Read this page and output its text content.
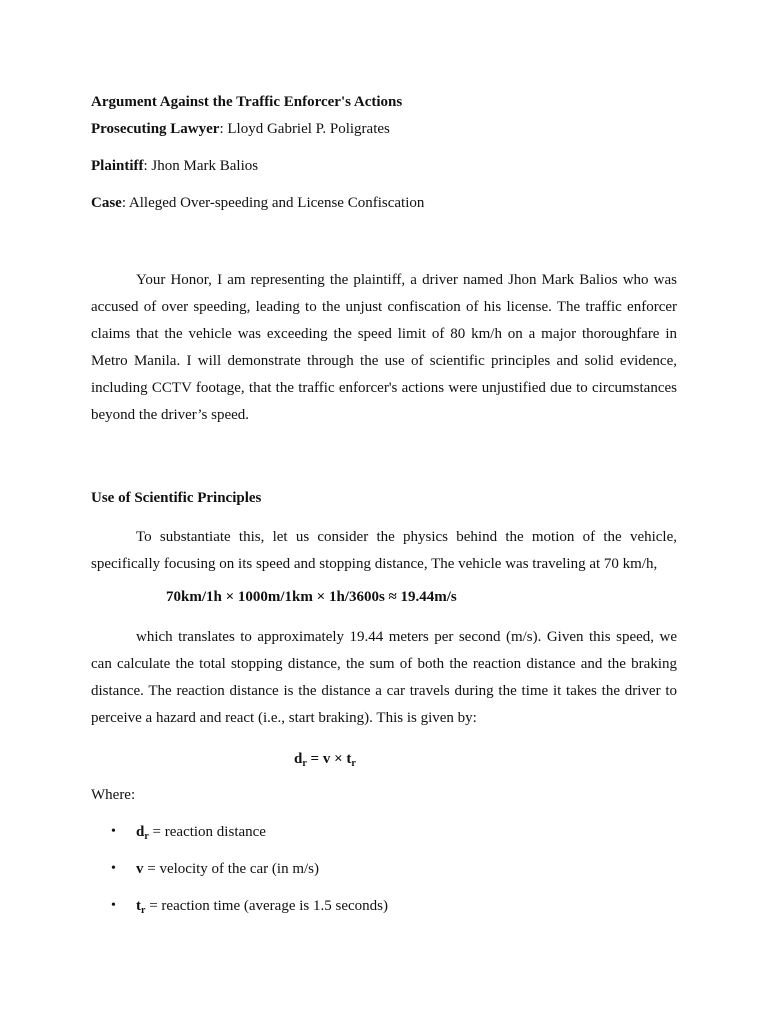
Argument Against the Traffic Enforcer's Actions

Prosecuting Lawyer: Lloyd Gabriel P. Poligrates

Plaintiff: Jhon Mark Balios

Case: Alleged Over-speeding and License Confiscation

Your Honor, I am representing the plaintiff, a driver named Jhon Mark Balios who was accused of over speeding, leading to the unjust confiscation of his license. The traffic enforcer claims that the vehicle was exceeding the speed limit of 80 km/h on a major thoroughfare in Metro Manila. I will demonstrate through the use of scientific principles and solid evidence, including CCTV footage, that the traffic enforcer's actions were unjustified due to circumstances beyond the driver’s speed.

Use of Scientific Principles

To substantiate this, let us consider the physics behind the motion of the vehicle, specifically focusing on its speed and stopping distance, The vehicle was traveling at 70 km/h,

70km/1h × 1000m/1km × 1h/3600s ≈ 19.44m/s

which translates to approximately 19.44 meters per second (m/s). Given this speed, we can calculate the total stopping distance, the sum of both the reaction distance and the braking distance. The reaction distance is the distance a car travels during the time it takes the driver to perceive a hazard and react (i.e., start braking). This is given by:

$d_r = v \times t_r$

Where:

• $d_r$ = reaction distance
• v = velocity of the car (in m/s)
• $t_r$ = reaction time (average is 1.5 seconds)
